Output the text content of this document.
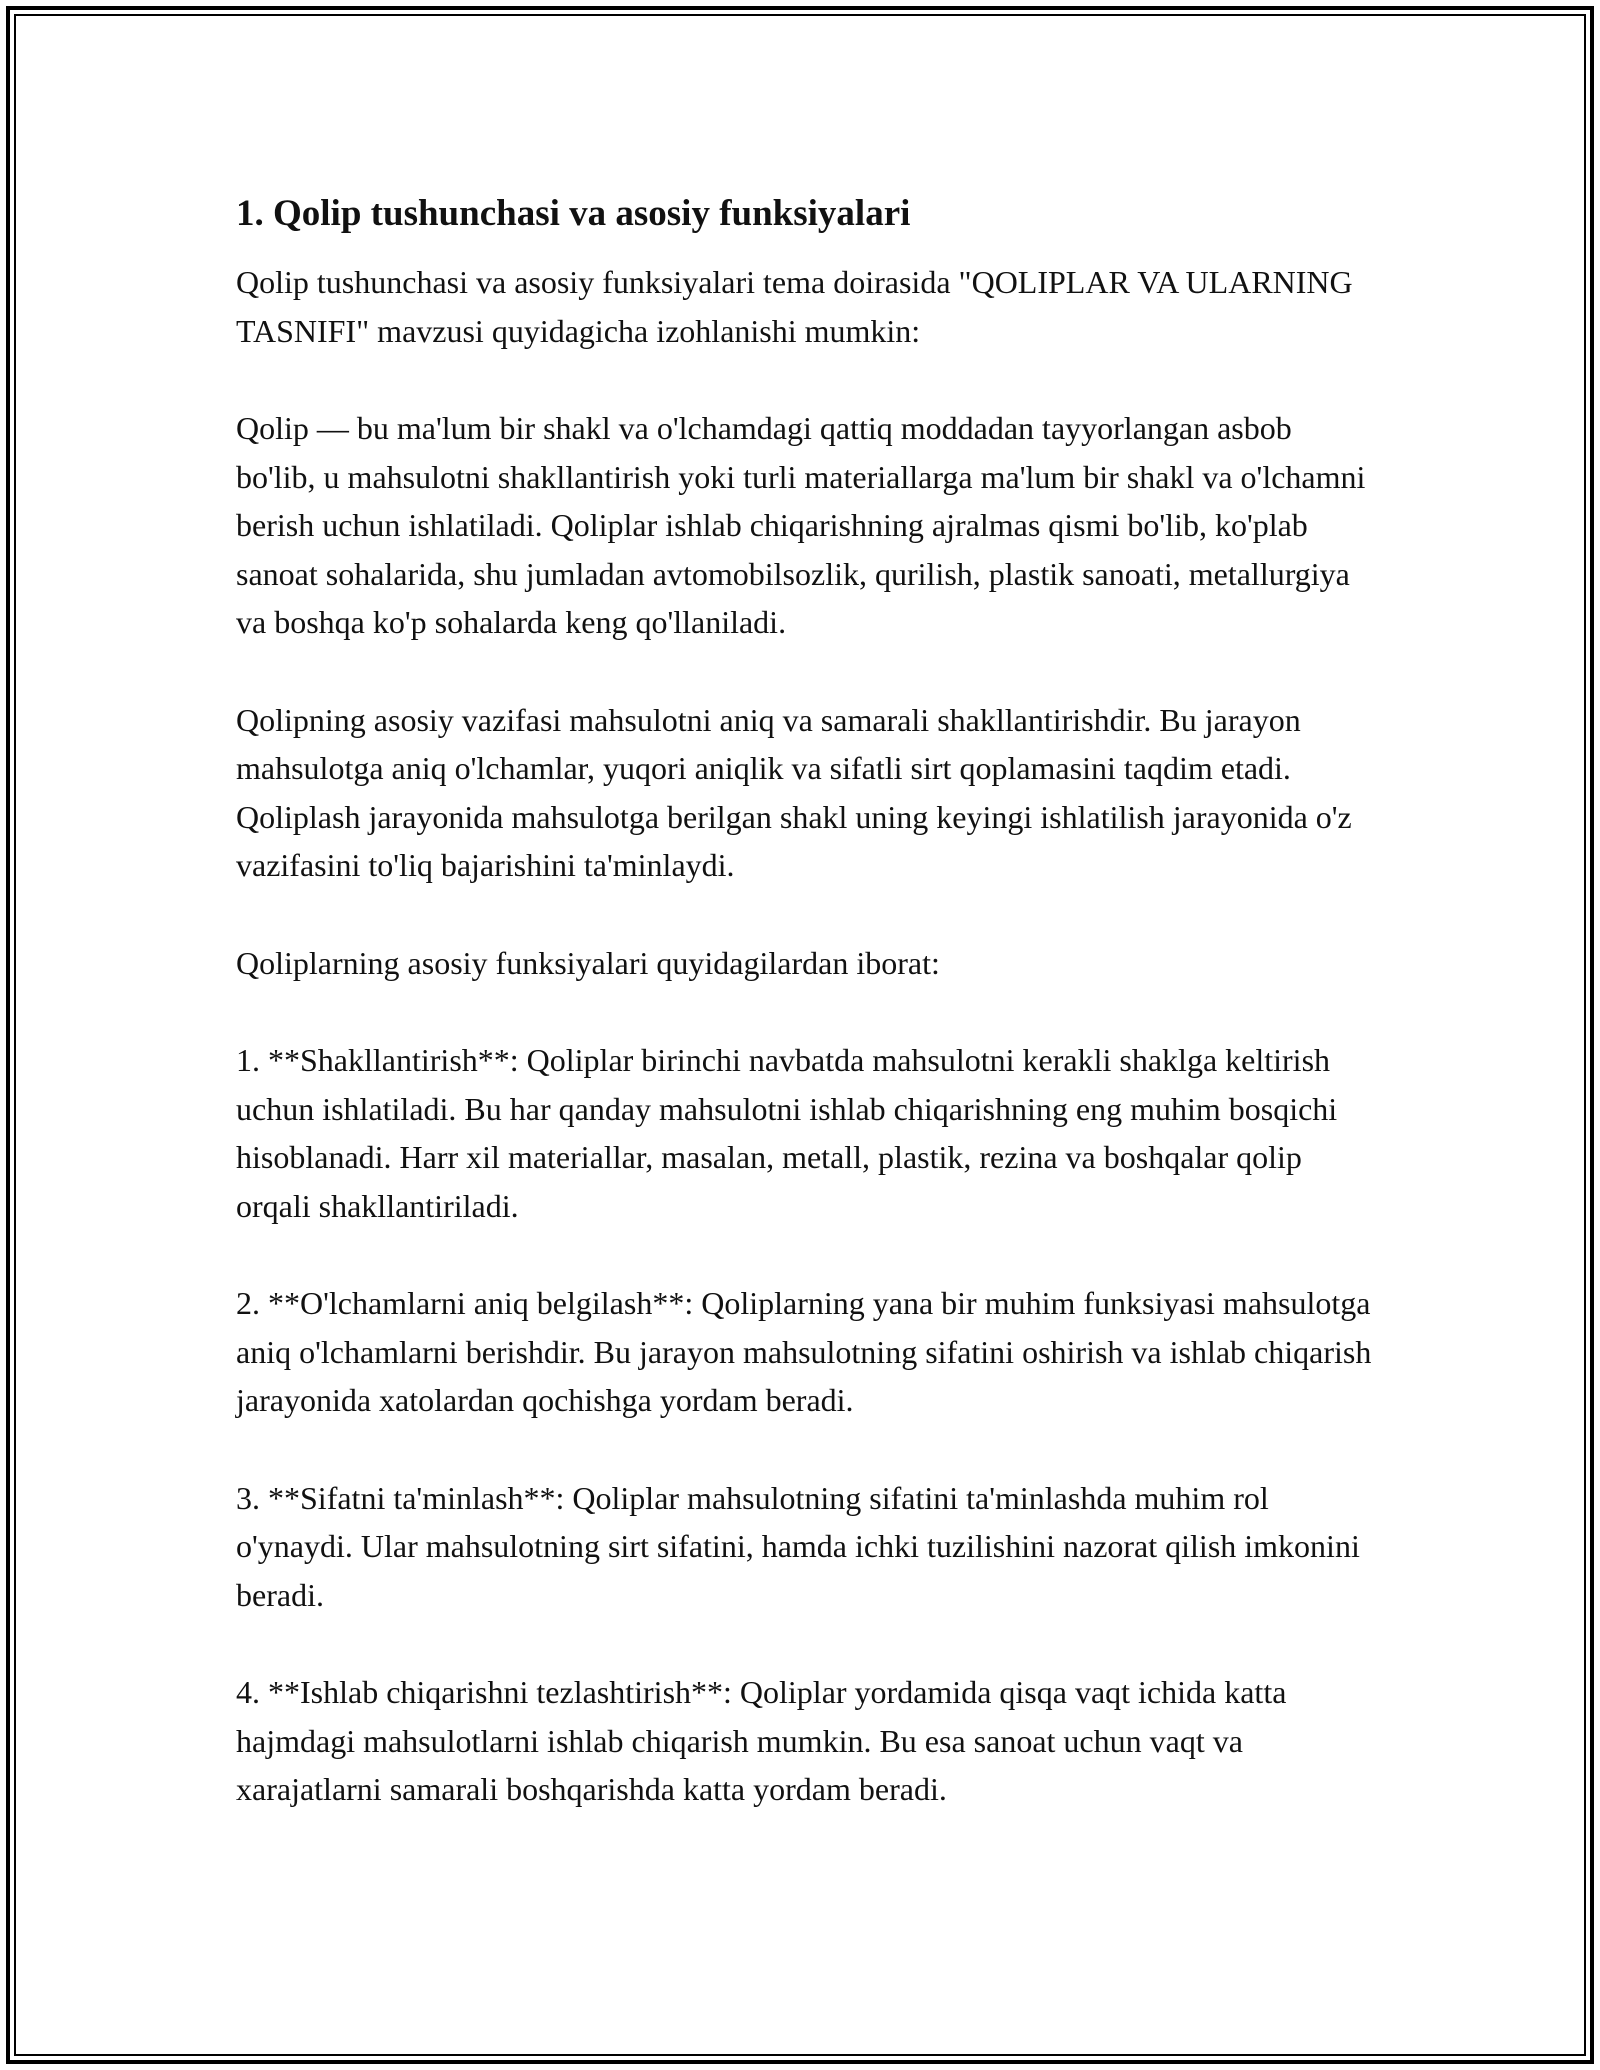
1. Qolip tushunchasi va asosiy funksiyalari

Qolip tushunchasi va asosiy funksiyalari tema doirasida "QOLIPLAR VA ULARNING TASNIFI" mavzusi quyidagicha izohlanishi mumkin:

Qolip — bu ma'lum bir shakl va o'lchamdagi qattiq moddadan tayyorlangan asbob bo'lib, u mahsulotni shakllantirish yoki turli materiallarga ma'lum bir shakl va o'lchamni berish uchun ishlatiladi. Qoliplar ishlab chiqarishning ajralmas qismi bo'lib, ko'plab sanoat sohalarida, shu jumladan avtomobilsozlik, qurilish, plastik sanoati, metallurgiya va boshqa ko'p sohalarda keng qo'llaniladi.

Qolipning asosiy vazifasi mahsulotni aniq va samarali shakllantirishdir. Bu jarayon mahsulotga aniq o'lchamlar, yuqori aniqlik va sifatli sirt qoplamasini taqdim etadi. Qoliplash jarayonida mahsulotga berilgan shakl uning keyingi ishlatilish jarayonida o'z vazifasini to'liq bajarishini ta'minlaydi.

Qoliplarning asosiy funksiyalari quyidagilardan iborat:

1. **Shakllantirish**: Qoliplar birinchi navbatda mahsulotni kerakli shaklga keltirish uchun ishlatiladi. Bu har qanday mahsulotni ishlab chiqarishning eng muhim bosqichi hisoblanadi. Harr xil materiallar, masalan, metall, plastik, rezina va boshqalar qolip orqali shakllantiriladi.

2. **O'lchamlarni aniq belgilash**: Qoliplarning yana bir muhim funksiyasi mahsulotga aniq o'lchamlarni berishdir. Bu jarayon mahsulotning sifatini oshirish va ishlab chiqarish jarayonida xatolardan qochishga yordam beradi.

3. **Sifatni ta'minlash**: Qoliplar mahsulotning sifatini ta'minlashda muhim rol o'ynaydi. Ular mahsulotning sirt sifatini, hamda ichki tuzilishini nazorat qilish imkonini beradi.

4. **Ishlab chiqarishni tezlashtirish**: Qoliplar yordamida qisqa vaqt ichida katta hajmdagi mahsulotlarni ishlab chiqarish mumkin. Bu esa sanoat uchun vaqt va xarajatlarni samarali boshqarishda katta yordam beradi.
